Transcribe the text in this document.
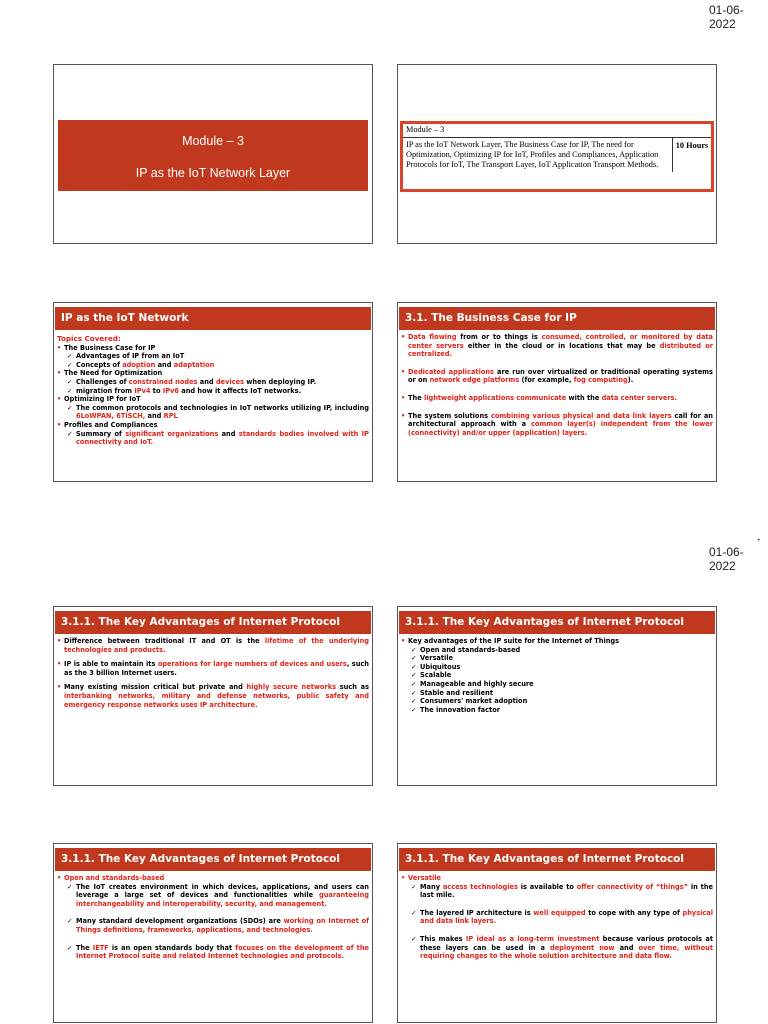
01-06-2022
•
01-06-2022
Module – 3
IP as the IoT Network Layer
Module – 3
IP as the IoT Network Layer, The Business Case for IP, The need for Optimization, Optimizing IP for IoT, Profiles and Compliances, Application Protocols for IoT, The Transport Layer, IoT Application Transport Methods.
10 Hours
IP as the IoT Network
Topics Covered:
• The Business Case for IP
✓ Advantages of IP from an IoT
✓ Concepts of adoption and adaptation
• The Need for Optimization
✓ Challenges of constrained nodes and devices when deploying IP.
✓ migration from IPv4 to IPv6 and how it affects IoT networks.
• Optimizing IP for IoT
✓ The common protocols and technologies in IoT networks utilizing IP, including 6LoWPAN, 6TiSCH, and RPL
• Profiles and Compliances
✓ Summary of significant organizations and standards bodies involved with IP connectivity and IoT.
3.1. The Business Case for IP
• Data flowing from or to things is consumed, controlled, or monitored by data center servers either in the cloud or in locations that may be distributed or centralized.
• Dedicated applications are run over virtualized or traditional operating systems or on network edge platforms (for example, fog computing).
• The lightweight applications communicate with the data center servers.
• The system solutions combining various physical and data link layers call for an architectural approach with a common layer(s) independent from the lower (connectivity) and/or upper (application) layers.
3.1.1. The Key Advantages of Internet Protocol
• Difference between traditional IT and OT is the lifetime of the underlying technologies and products.
• IP is able to maintain its operations for large numbers of devices and users, such as the 3 billion Internet users.
• Many existing mission critical but private and highly secure networks such as interbanking networks, military and defense networks, public safety and emergency response networks uses IP architecture.
3.1.1. The Key Advantages of Internet Protocol
• Key advantages of the IP suite for the Internet of Things
✓ Open and standards-based
✓ Versatile
✓ Ubiquitous
✓ Scalable
✓ Manageable and highly secure
✓ Stable and resilient
✓ Consumers' market adoption
✓ The innovation factor
3.1.1. The Key Advantages of Internet Protocol
• Open and standards-based
✓ The IoT creates environment in which devices, applications, and users can leverage a large set of devices and functionalities while guaranteeing interchangeability and interoperability, security, and management.
✓ Many standard development organizations (SDOs) are working on Internet of Things definitions, frameworks, applications, and technologies.
✓ The IETF is an open standards body that focuses on the development of the Internet Protocol suite and related Internet technologies and protocols.
3.1.1. The Key Advantages of Internet Protocol
• Versatile
✓ Many access technologies is available to offer connectivity of “things” in the last mile.
✓ The layered IP architecture is well equipped to cope with any type of physical and data link layers.
✓ This makes IP ideal as a long-term investment because various protocols at these layers can be used in a deployment now and over time, without requiring changes to the whole solution architecture and data flow.
